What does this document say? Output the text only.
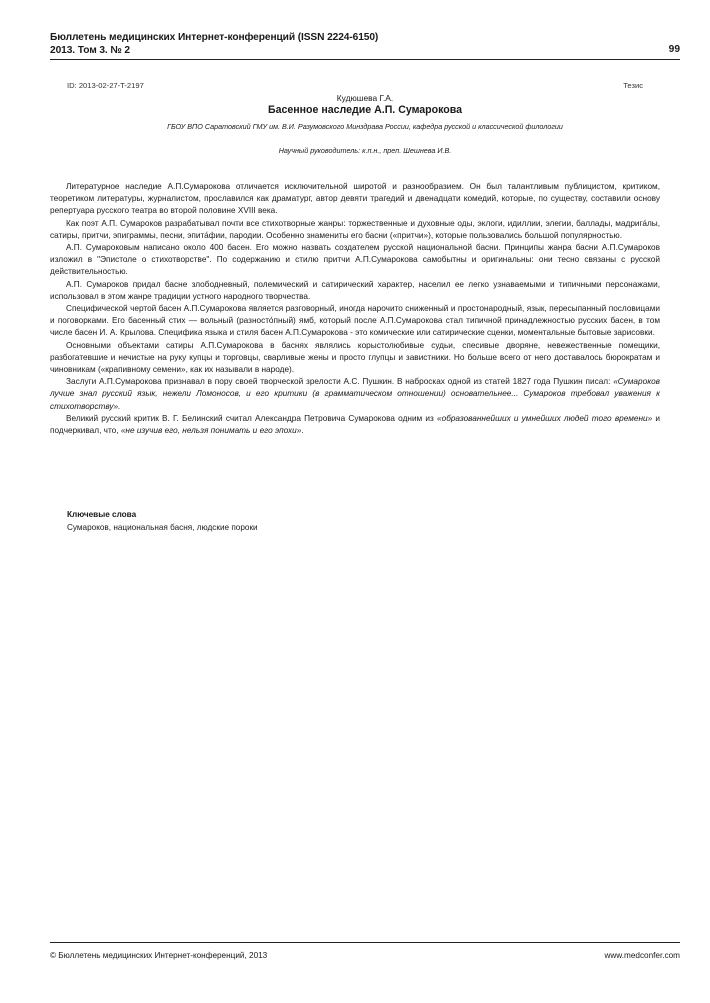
Бюллетень медицинских Интернет-конференций (ISSN 2224-6150)
2013. Том 3. № 2	99
ID: 2013-02-27-T-2197	Тезис
Кудюшева Г.А.
Басенное наследие А.П. Сумарокова
ГБОУ ВПО Саратовский ГМУ им. В.И. Разумовского Минздрава России, кафедра русской и классической филологии
Научный руководитель: к.п.н., преп. Шешнева И.В.

Литературное наследие А.П.Сумарокова отличается исключительной широтой и разнообразием. Он был талантливым публицистом, критиком, теоретиком литературы, журналистом, прославился как драматург, автор девяти трагедий и двенадцати комедий, которые, по существу, составили основу репертуара русского театра во второй половине XVIII века.

Как поэт А.П. Сумароков разрабатывал почти все стихотворные жанры: торжественные и духовные оды, эклоги, идиллии, элегии, баллады, мадрига́лы, сатиры, притчи, эпиграммы, песни, эпита́фии, пародии. Особенно знамениты его басни («притчи»), которые пользовались большой популярностью.

А.П. Сумароковым написано около 400 басен. Его можно назвать создателем русской национальной басни. Принципы жанра басни А.П.Сумароков изложил в "Эпистоле о стихотворстве". По содержанию и стилю притчи А.П.Сумарокова самобытны и оригинальны: они тесно связаны с русской действительностью.

А.П. Сумароков придал басне злободневный, полемический и сатирический характер, населил ее легко узнаваемыми и типичными персонажами, использовал в этом жанре традиции устного народного творчества.

Специфической чертой басен А.П.Сумарокова является разговорный, иногда нарочито сниженный и простонародный, язык, пересыпанный пословицами и поговорками. Его басенный стих — вольный (разносто́пный) ямб, который после А.П.Сумарокова стал типичной принадлежностью русских басен, в том числе басен И. А. Крылова. Специфика языка и стиля басен А.П.Сумарокова - это комические или сатирические сценки, моментальные бытовые зарисовки.

Основными объектами сатиры А.П.Сумарокова в баснях являлись корыстолюбивые судьи, спесивые дворяне, невежественные помещики, разбогатевшие и нечистые на руку купцы и торговцы, сварливые жены и просто глупцы и завистники. Но больше всего от него доставалось бюрократам и чиновникам («крапивному семени», как их называли в народе).

Заслуги А.П.Сумарокова признавал в пору своей творческой зрелости А.С. Пушкин. В набросках одной из статей 1827 года Пушкин писал: «Сумароков лучше знал русский язык, нежели Ломоносов, и его критики (в грамматическом отношении) основательнее... Сумароков требовал уважения к стихотворству».

Великий русский критик В. Г. Белинский считал Александра Петровича Сумарокова одним из «образованнейших и умнейших людей того времени» и подчеркивал, что, «не изучив его, нельзя понимать и его эпохи».

Ключевые слова
Сумароков, национальная басня, людские пороки
© Бюллетень медицинских Интернет-конференций, 2013	www.medconfer.com
